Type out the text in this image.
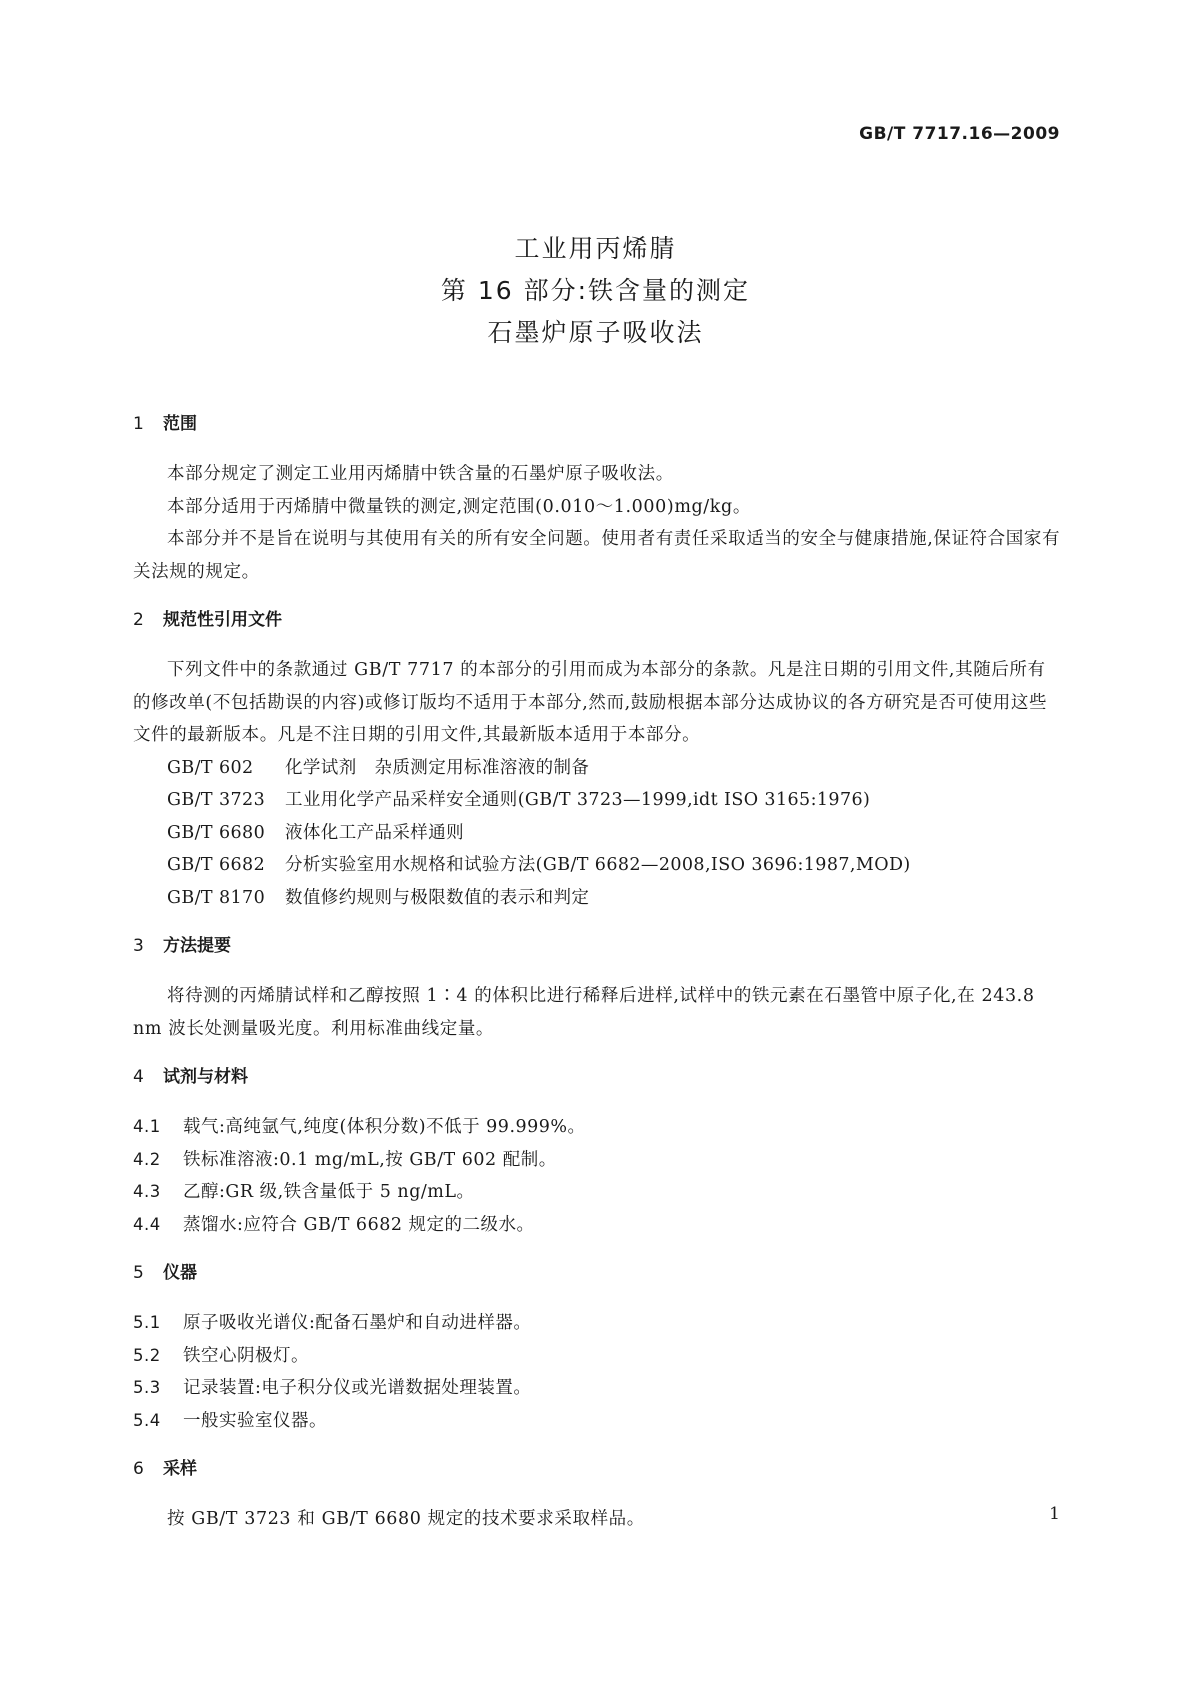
GB/T 7717.16—2009
工业用丙烯腈
第 16 部分:铁含量的测定
石墨炉原子吸收法
1 范围

本部分规定了测定工业用丙烯腈中铁含量的石墨炉原子吸收法。

本部分适用于丙烯腈中微量铁的测定,测定范围(0.010～1.000)mg/kg。

本部分并不是旨在说明与其使用有关的所有安全问题。使用者有责任采取适当的安全与健康措施,保证符合国家有关法规的规定。

2 规范性引用文件

下列文件中的条款通过 GB/T 7717 的本部分的引用而成为本部分的条款。凡是注日期的引用文件,其随后所有的修改单(不包括勘误的内容)或修订版均不适用于本部分,然而,鼓励根据本部分达成协议的各方研究是否可使用这些文件的最新版本。凡是不注日期的引用文件,其最新版本适用于本部分。

GB/T 602 化学试剂　杂质测定用标准溶液的制备
GB/T 3723 工业用化学产品采样安全通则(GB/T 3723—1999,idt ISO 3165:1976)
GB/T 6680 液体化工产品采样通则
GB/T 6682 分析实验室用水规格和试验方法(GB/T 6682—2008,ISO 3696:1987,MOD)
GB/T 8170 数值修约规则与极限数值的表示和判定
3 方法提要

将待测的丙烯腈试样和乙醇按照 1∶4 的体积比进行稀释后进样,试样中的铁元素在石墨管中原子化,在 243.8 nm 波长处测量吸光度。利用标准曲线定量。

4 试剂与材料
4.1 载气:高纯氩气,纯度(体积分数)不低于 99.999%。
4.2 铁标准溶液:0.1 mg/mL,按 GB/T 602 配制。
4.3 乙醇:GR 级,铁含量低于 5 ng/mL。
4.4 蒸馏水:应符合 GB/T 6682 规定的二级水。
5 仪器
5.1 原子吸收光谱仪:配备石墨炉和自动进样器。
5.2 铁空心阴极灯。
5.3 记录装置:电子积分仪或光谱数据处理装置。
5.4 一般实验室仪器。
6 采样

按 GB/T 3723 和 GB/T 6680 规定的技术要求采取样品。	1
